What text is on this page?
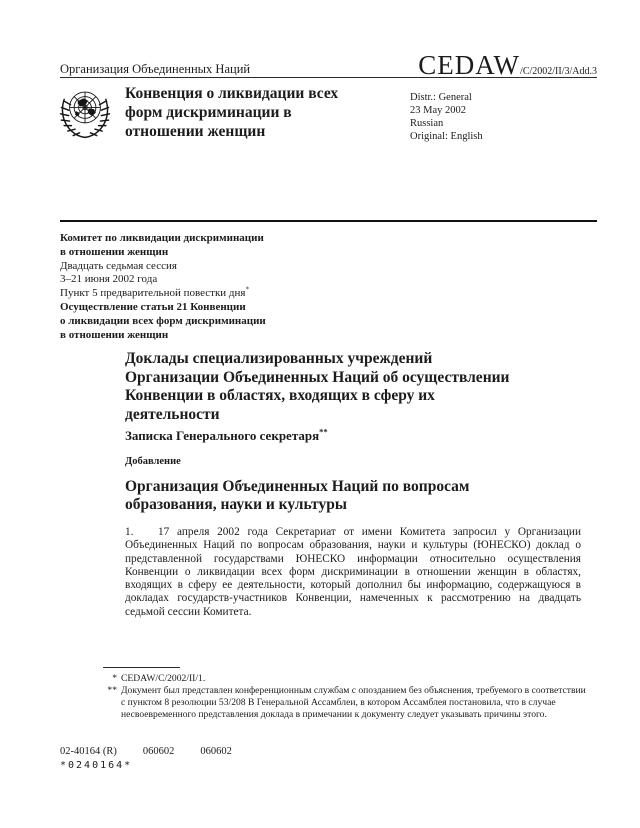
Организация Объединенных Наций	CEDAW/C/2002/II/3/Add.3
Конвенция о ликвидации всех
форм дискриминации в
отношении женщин
Distr.: General
23 May 2002
Russian
Original: English
Комитет по ликвидации дискриминации
в отношении женщин
Двадцать седьмая сессия
3–21 июня 2002 года
Пункт 5 предварительной повестки дня*
Осуществление статьи 21 Конвенции
о ликвидации всех форм дискриминации
в отношении женщин
Доклады специализированных учреждений
Организации Объединенных Наций об осуществлении
Конвенции в областях, входящих в сферу их
деятельности
Записка Генерального секретаря**
Добавление
Организация Объединенных Наций по вопросам
образования, науки и культуры
1. 17 апреля 2002 года Секретариат от имени Комитета запросил у Организации Объединенных Наций по вопросам образования, науки и культуры (ЮНЕСКО) доклад о представленной государствами ЮНЕСКО информации относительно осуществления Конвенции о ликвидации всех форм дискриминации в отношении женщин в областях, входящих в сферу ее деятельности, который дополнил бы информацию, содержащуюся в докладах государств-участников Конвенции, намеченных к рассмотрению на двадцать седьмой сессии Комитета.
* CEDAW/C/2002/II/1.
** Документ был представлен конференционным службам с опозданием без объяснения, требуемого в соответствии с пунктом 8 резолюции 53/208 B Генеральной Ассамблеи, в котором Ассамблея постановила, что в случае несвоевременного представления доклада в примечании к документу следует указывать причины этого.
02-40164 (R) 060602 060602
*0240164*
